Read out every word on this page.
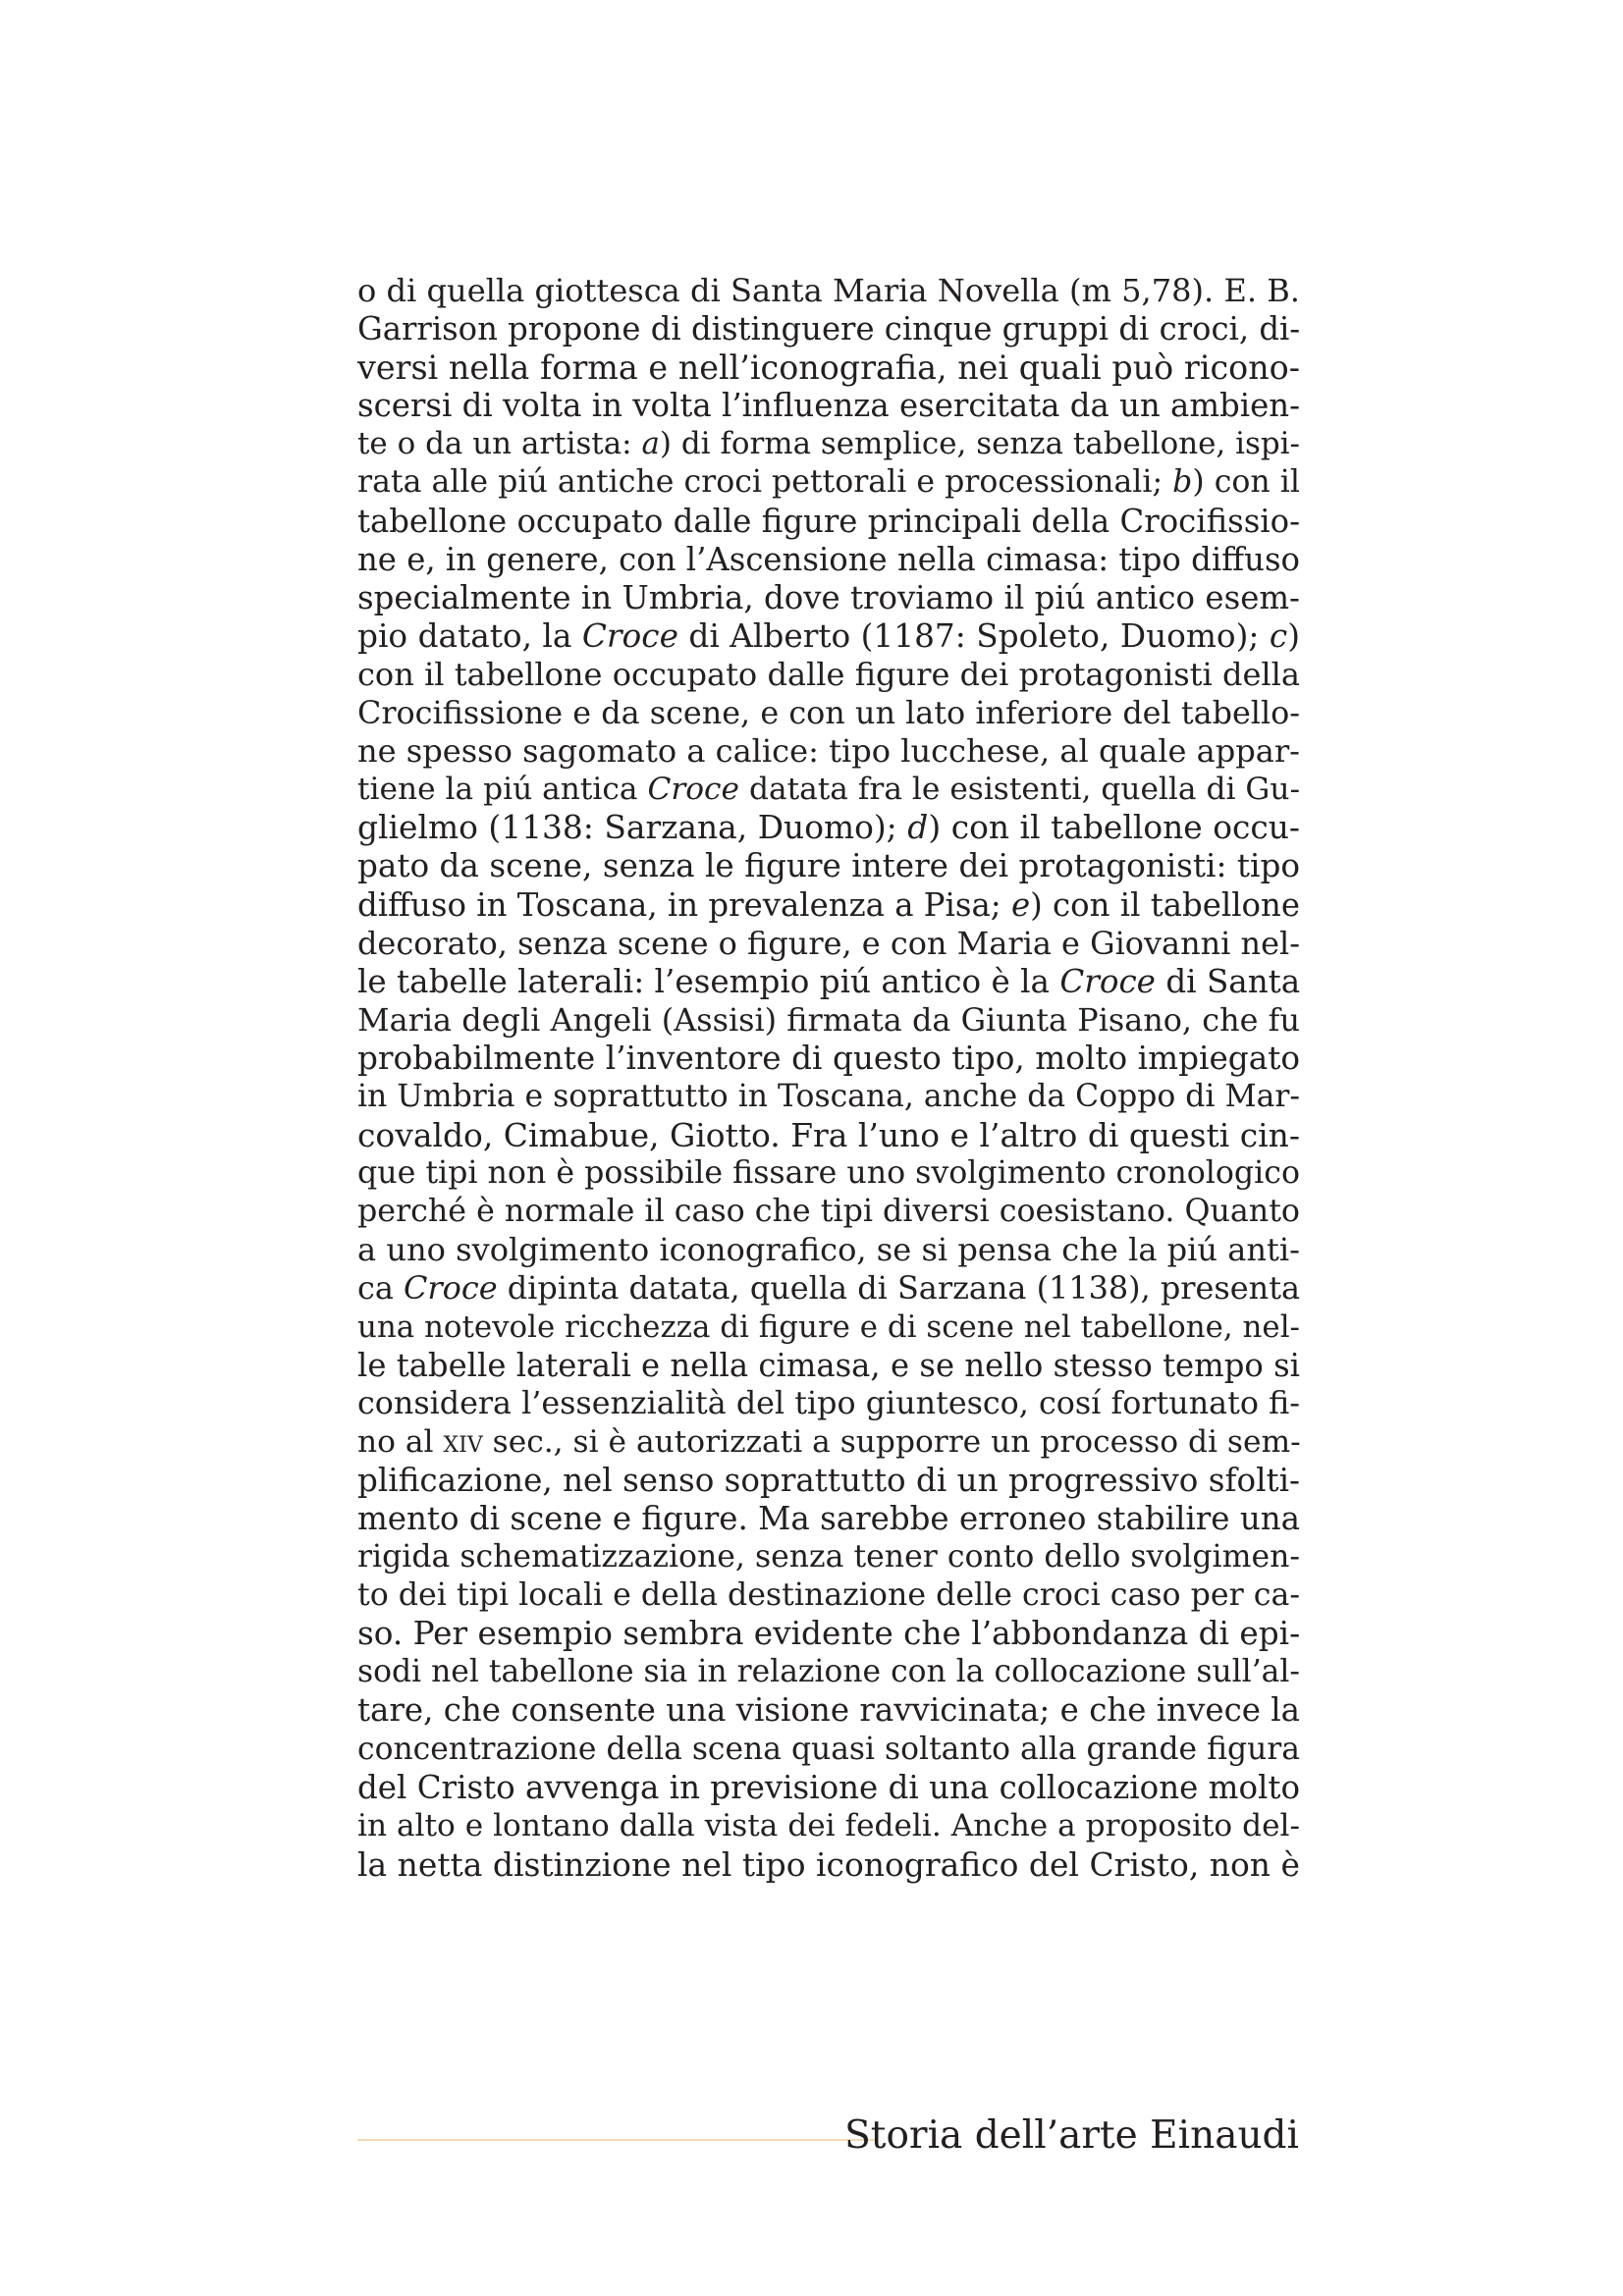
o di quella giottesca di Santa Maria Novella (m 5,78). E. B.
Garrison propone di distinguere cinque gruppi di croci, di-
versi nella forma e nell’iconografia, nei quali può ricono-
scersi di volta in volta l’influenza esercitata da un ambien-
te o da un artista: a) di forma semplice, senza tabellone, ispi-
rata alle piú antiche croci pettorali e processionali; b) con il
tabellone occupato dalle figure principali della Crocifissio-
ne e, in genere, con l’Ascensione nella cimasa: tipo diffuso
specialmente in Umbria, dove troviamo il piú antico esem-
pio datato, la Croce di Alberto (1187: Spoleto, Duomo); c)
con il tabellone occupato dalle figure dei protagonisti della
Crocifissione e da scene, e con un lato inferiore del tabello-
ne spesso sagomato a calice: tipo lucchese, al quale appar-
tiene la piú antica Croce datata fra le esistenti, quella di Gu-
glielmo (1138: Sarzana, Duomo); d) con il tabellone occu-
pato da scene, senza le figure intere dei protagonisti: tipo
diffuso in Toscana, in prevalenza a Pisa; e) con il tabellone
decorato, senza scene o figure, e con Maria e Giovanni nel-
le tabelle laterali: l’esempio piú antico è la Croce di Santa
Maria degli Angeli (Assisi) firmata da Giunta Pisano, che fu
probabilmente l’inventore di questo tipo, molto impiegato
in Umbria e soprattutto in Toscana, anche da Coppo di Mar-
covaldo, Cimabue, Giotto. Fra l’uno e l’altro di questi cin-
que tipi non è possibile fissare uno svolgimento cronologico
perché è normale il caso che tipi diversi coesistano. Quanto
a uno svolgimento iconografico, se si pensa che la piú anti-
ca Croce dipinta datata, quella di Sarzana (1138), presenta
una notevole ricchezza di figure e di scene nel tabellone, nel-
le tabelle laterali e nella cimasa, e se nello stesso tempo si
considera l’essenzialità del tipo giuntesco, cosí fortunato fi-
no al xiv sec., si è autorizzati a supporre un processo di sem-
plificazione, nel senso soprattutto di un progressivo sfolti-
mento di scene e figure. Ma sarebbe erroneo stabilire una
rigida schematizzazione, senza tener conto dello svolgimen-
to dei tipi locali e della destinazione delle croci caso per ca-
so. Per esempio sembra evidente che l’abbondanza di epi-
sodi nel tabellone sia in relazione con la collocazione sull’al-
tare, che consente una visione ravvicinata; e che invece la
concentrazione della scena quasi soltanto alla grande figura
del Cristo avvenga in previsione di una collocazione molto
in alto e lontano dalla vista dei fedeli. Anche a proposito del-
la netta distinzione nel tipo iconografico del Cristo, non è
Storia dell’arte Einaudi
